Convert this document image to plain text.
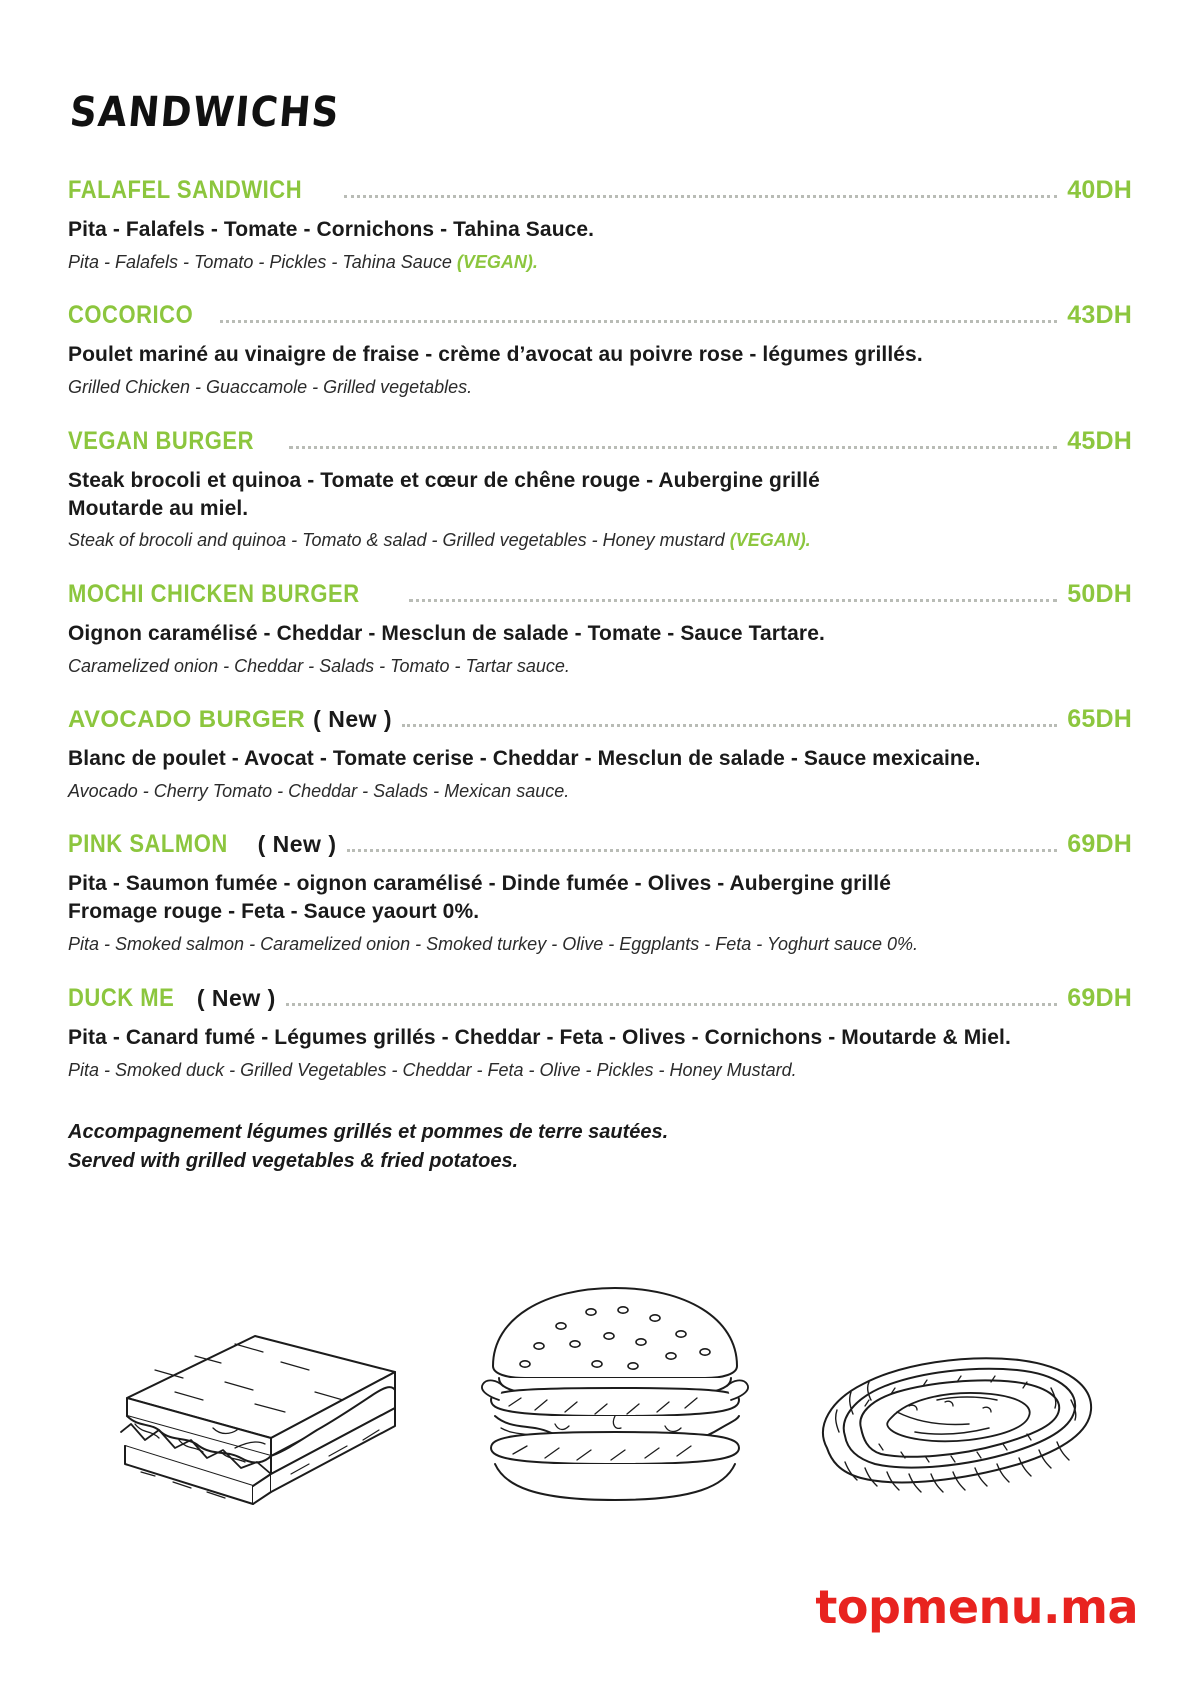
SANDWICHS
FALAFEL SANDWICH	40DH
Pita - Falafels - Tomate - Cornichons - Tahina Sauce.
Pita - Falafels - Tomato - Pickles - Tahina Sauce (VEGAN).
COCORICO	43DH
Poulet mariné au vinaigre de fraise - crème d’avocat au poivre rose - légumes grillés.
Grilled Chicken - Guaccamole - Grilled vegetables.
VEGAN BURGER	45DH
Steak brocoli et quinoa - Tomate et cœur de chêne rouge - Aubergine grillé
Moutarde au miel.
Steak of brocoli and quinoa - Tomato & salad - Grilled vegetables - Honey mustard (VEGAN).
MOCHI CHICKEN BURGER	50DH
Oignon caramélisé - Cheddar - Mesclun de salade - Tomate - Sauce Tartare.
Caramelized onion - Cheddar - Salads - Tomato - Tartar sauce.
AVOCADO BURGER ( New )	65DH
Blanc de poulet - Avocat - Tomate cerise - Cheddar - Mesclun de salade - Sauce mexicaine.
Avocado - Cherry Tomato - Cheddar - Salads - Mexican sauce.
PINK SALMON ( New )	69DH
Pita - Saumon fumée - oignon caramélisé - Dinde fumée - Olives - Aubergine grillé
Fromage rouge - Feta - Sauce yaourt 0%.
Pita - Smoked salmon - Caramelized onion - Smoked turkey - Olive - Eggplants - Feta - Yoghurt sauce 0%.
DUCK ME ( New )	69DH
Pita - Canard fumé - Légumes grillés - Cheddar - Feta - Olives - Cornichons - Moutarde & Miel.
Pita - Smoked duck - Grilled Vegetables - Cheddar - Feta - Olive - Pickles - Honey Mustard.
Accompagnement légumes grillés et pommes de terre sautées.
Served with grilled vegetables & fried potatoes.
topmenu.ma
